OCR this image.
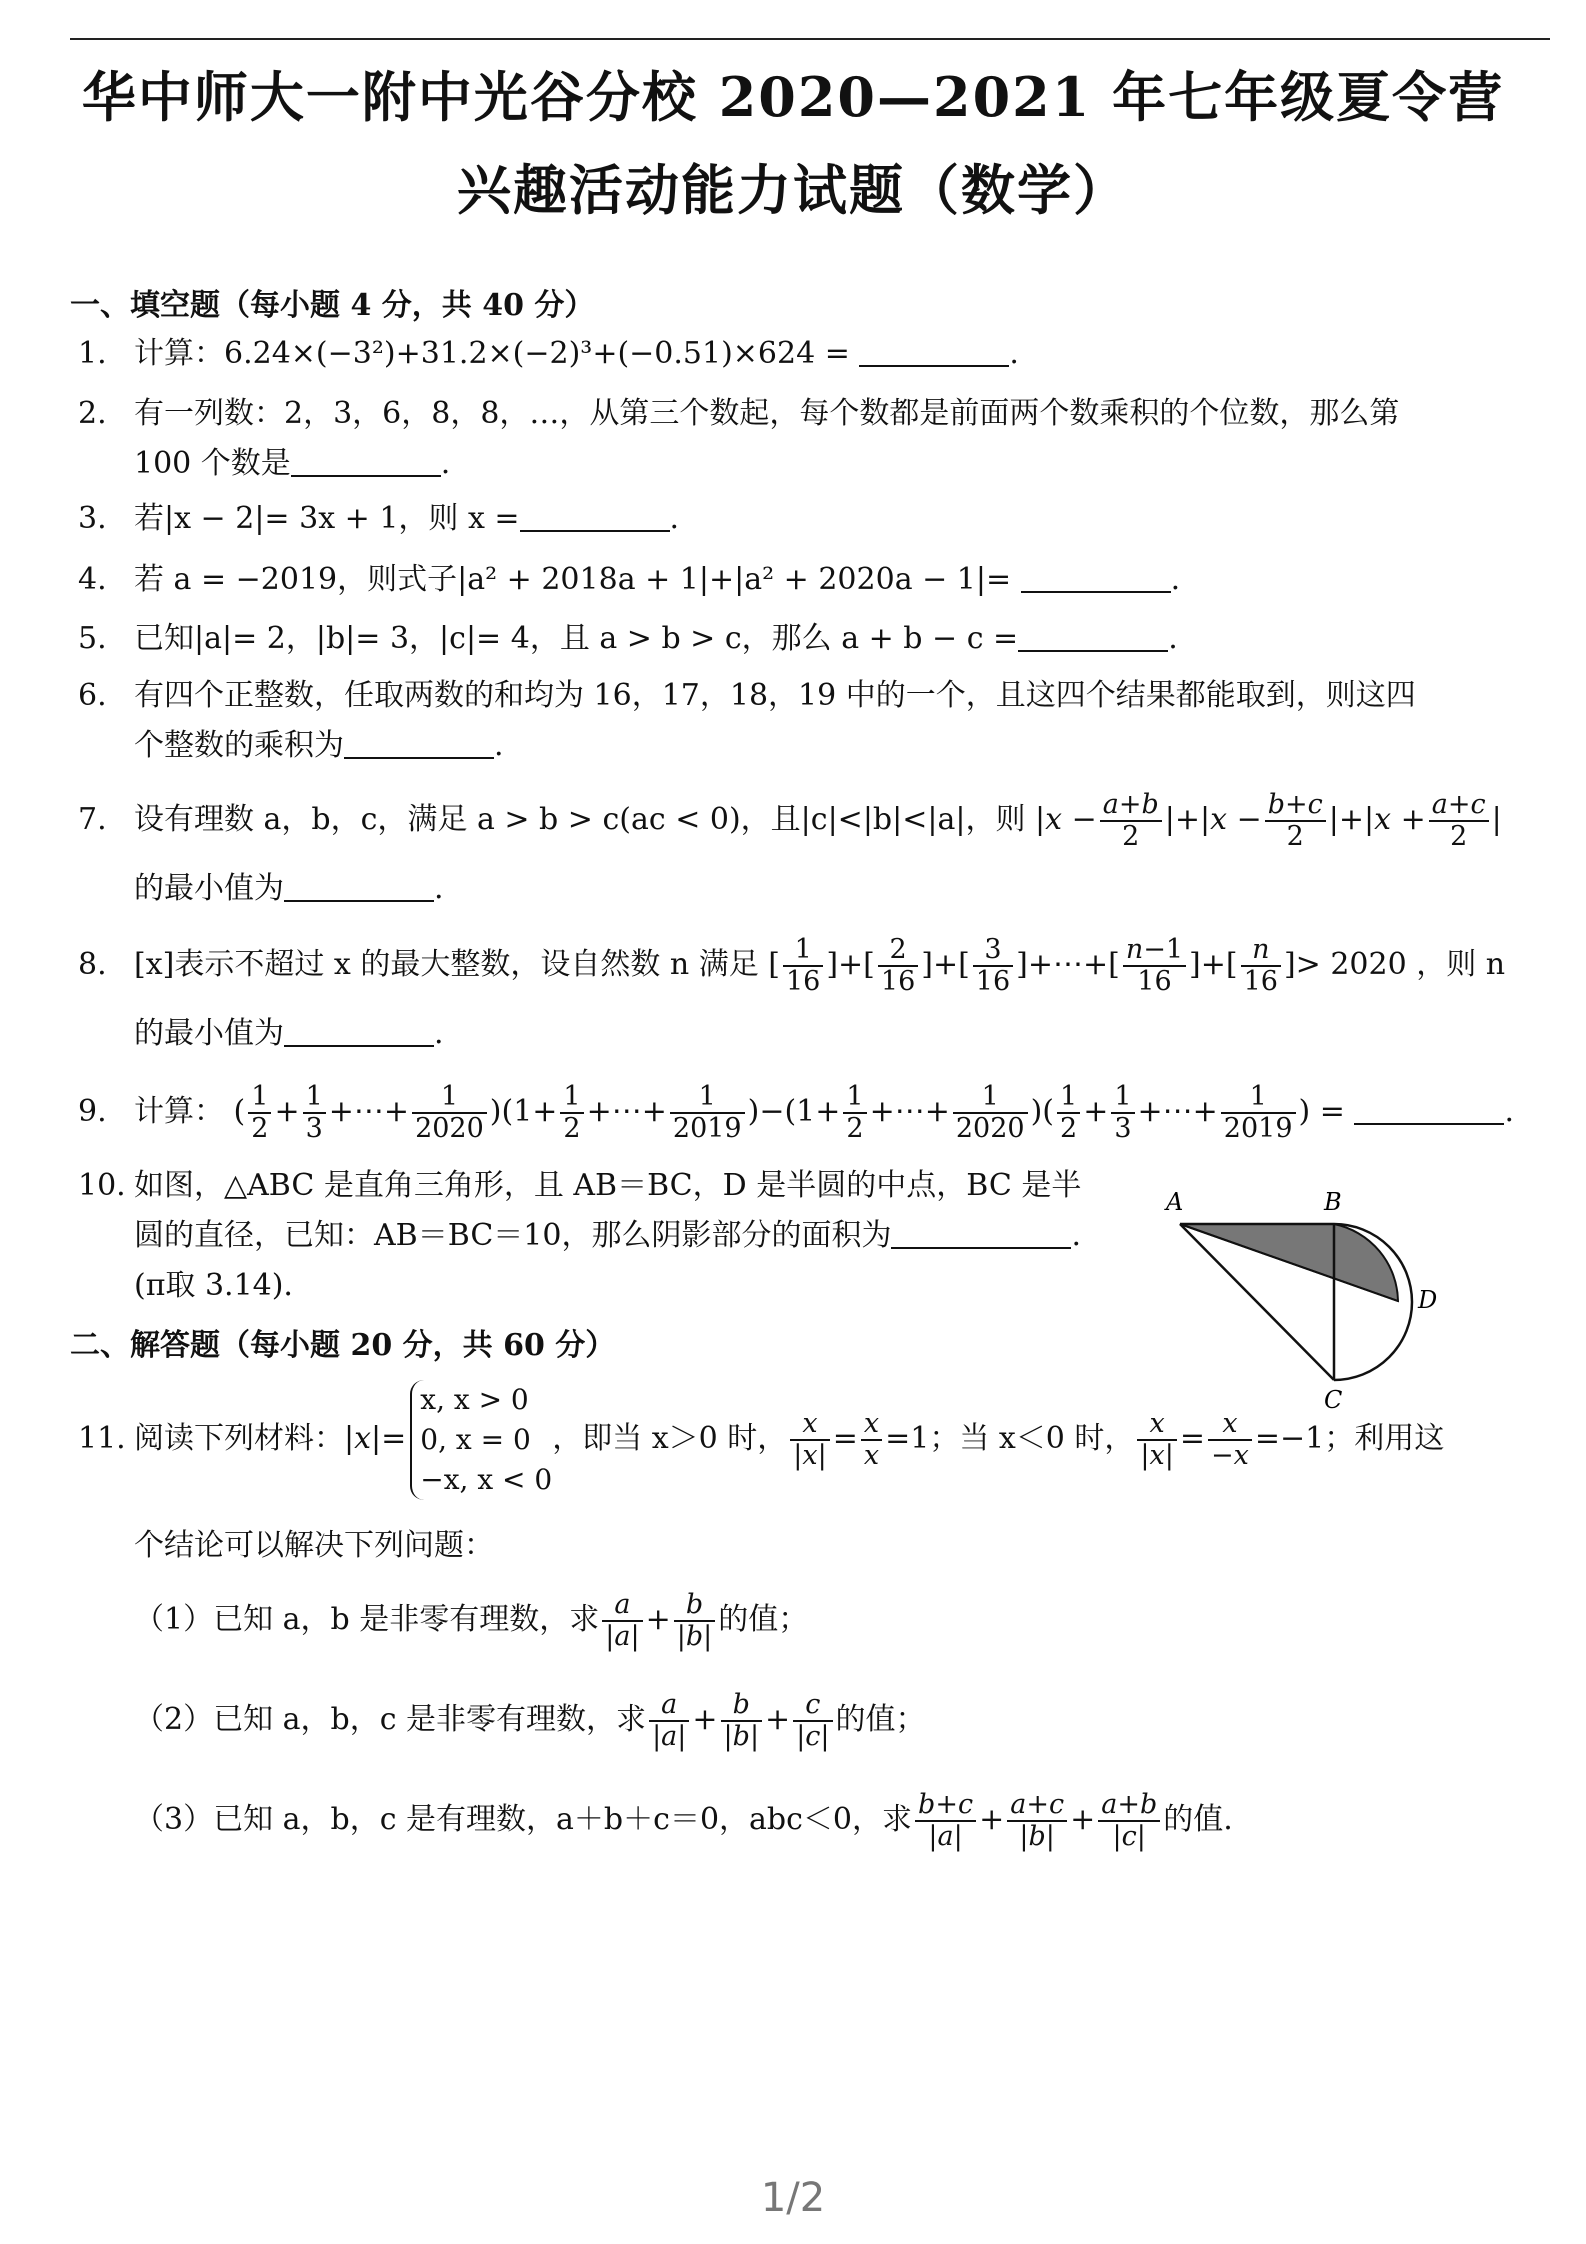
华中师大一附中光谷分校 2020—2021 年七年级夏令营
兴趣活动能力试题（数学）
一、填空题（每小题 4 分，共 40 分）
1. 计算：6.24×(−3²)+31.2×(−2)³+(−0.51)×624 =	.
2. 有一列数：2，3，6，8，8，…，从第三个数起，每个数都是前面两个数乘积的个位数，那么第
100 个数是	.
3. 若|x − 2|= 3x + 1，则 x =	.
4. 若 a = −2019，则式子|a² + 2018a + 1|+|a² + 2020a − 1|=	.
5. 已知|a|= 2，|b|= 3，|c|= 4，且 a > b > c，那么 a + b − c =	.
6. 有四个正整数，任取两数的和均为 16，17，18，19 中的一个，且这四个结果都能取到，则这四
个整数的乘积为	.
7. 设有理数 a，b，c，满足 a > b > c(ac < 0)，且|c|<|b|<|a|，则 $|x - \frac{a+b}{2} |+|x - \frac{b+c}{2} |+|x + \frac{a+c}{2}$ |
的最小值为	.
8. [x]表示不超过 x 的最大整数，设自然数 n 满足 [ $\frac{1}{16}$ ]+[ $\frac{2}{16}$ ]+[ $\frac{3}{16}$ ]+⋯+[ $\frac{n-1}{16}$ ]+[ $\frac{n}{16}$ ]> 2020 ，则 n
的最小值为	.
9. 计算： ( $\frac{1}{2} + \frac{1}{3}$ +⋯+ $\frac{1}{2020} )(1+ \frac{1}{2}$ +⋯+ $\frac{1}{2019} )-(1+ \frac{1}{2}$ +⋯+ $\frac{1}{2020}$ )( $\frac{1}{2} + \frac{1}{3}$ +⋯+ $\frac{1}{2019}$ ) =	.
10. 如图，△ABC 是直角三角形，且 AB＝BC，D 是半圆的中点，BC 是半
圆的直径，已知：AB＝BC＝10，那么阴影部分的面积为	.
(π取 3.14)．
A	B
C
D
二、解答题（每小题 20 分，共 60 分）
11. 阅读下列材料：|x|=
x, x > 0
0, x = 0
−x, x < 0
，即当 x＞0 时， $\frac{x}{|x|} = \frac{x}{x} =1$；当 x＜0 时， $\frac{x}{|x|} = \frac{x}{-x} =-1$；利用这
个结论可以解决下列问题：
（1）已知 a，b 是非零有理数，求 $\frac{a}{|a|} + \frac{b}{|b|}$ 的值；
（2）已知 a，b，c 是非零有理数，求 $\frac{a}{|a|} + \frac{b}{|b|} + \frac{c}{|c|}$ 的值；
（3）已知 a，b，c 是有理数，a＋b＋c＝0，abc＜0，求 $\frac{b+c}{|a|} + \frac{a+c}{|b|} + \frac{a+b}{|c|}$ 的值.
1/2
